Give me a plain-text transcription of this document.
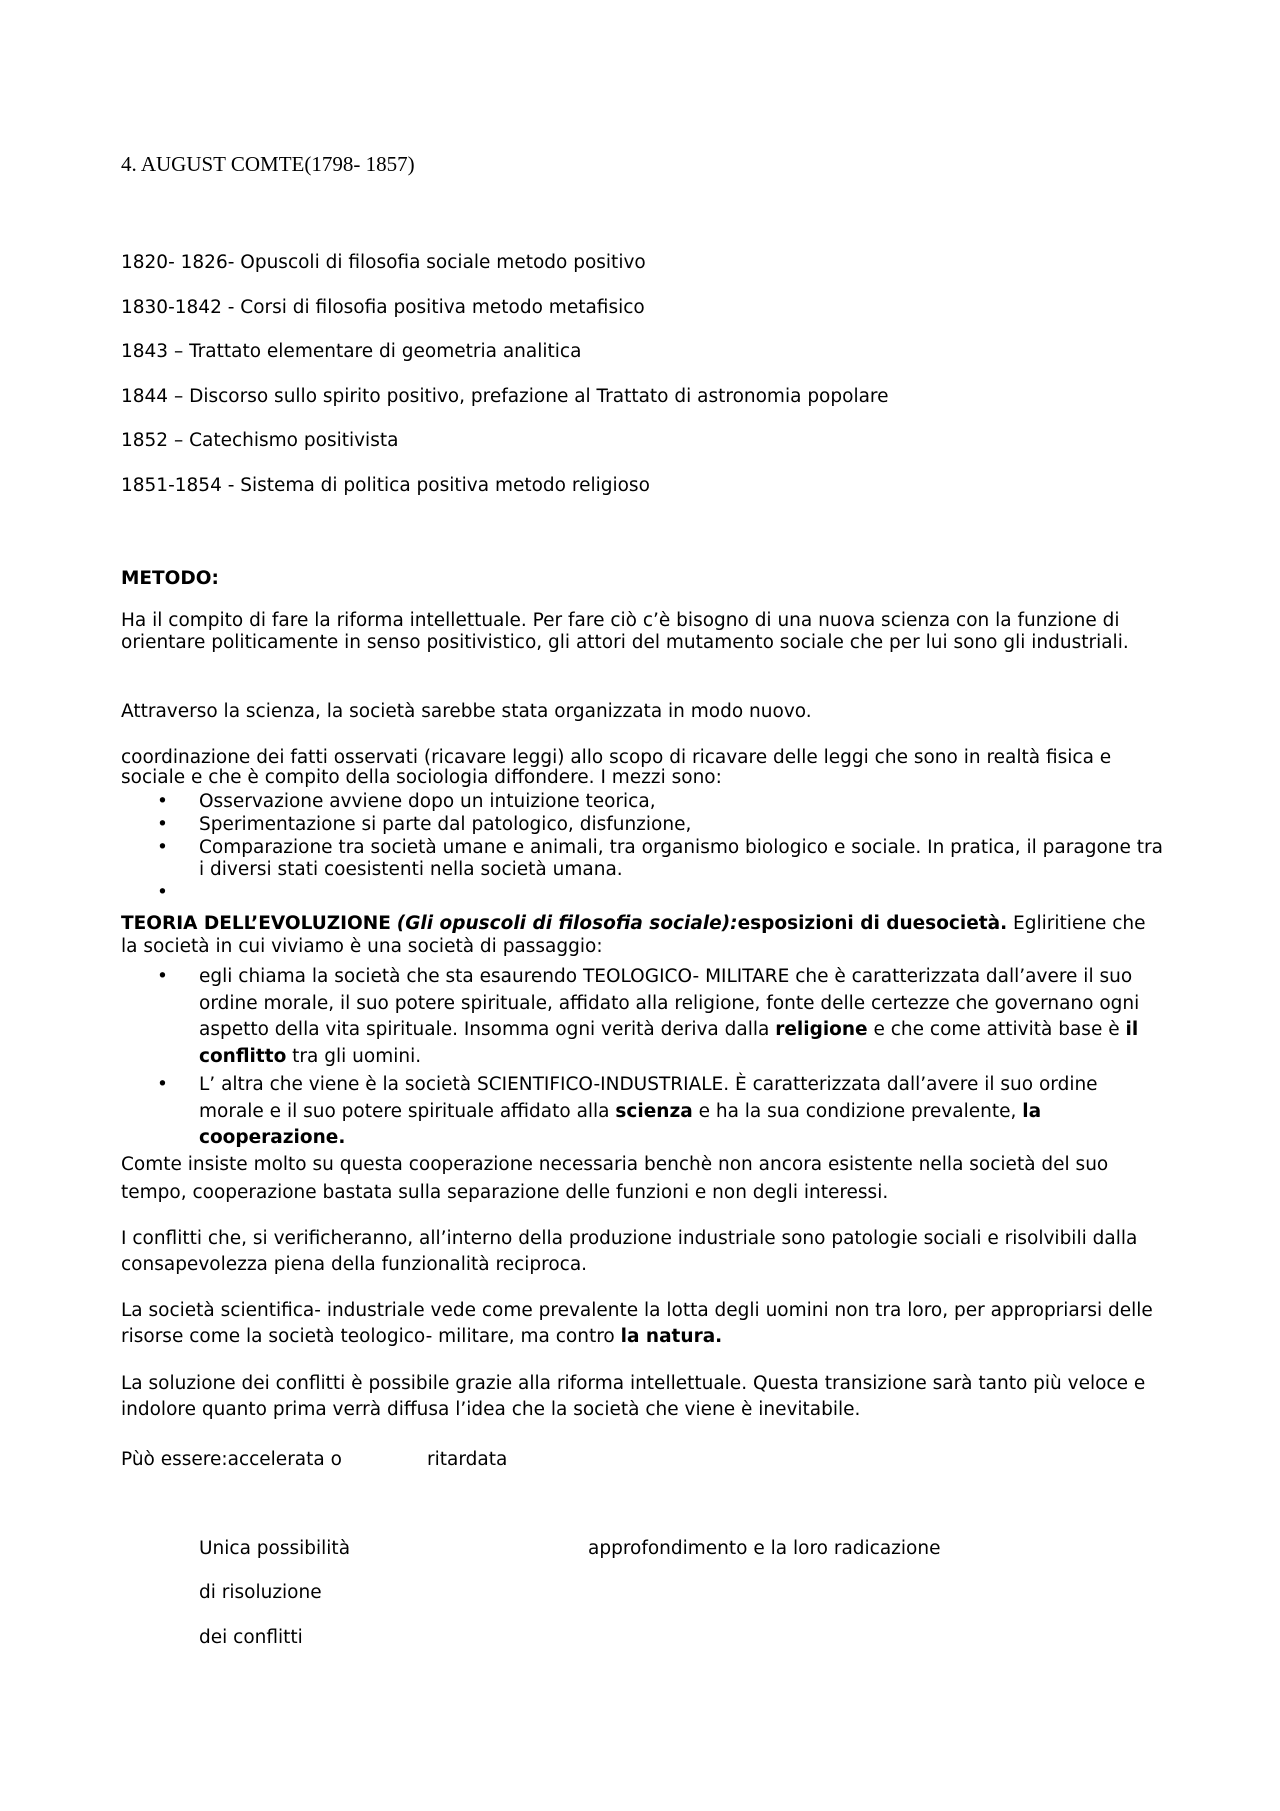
4. AUGUST COMTE(1798- 1857)
1820- 1826- Opuscoli di filosofia sociale metodo positivo
1830-1842 - Corsi di filosofia positiva metodo metafisico
1843 – Trattato elementare di geometria analitica
1844 – Discorso sullo spirito positivo, prefazione al Trattato di astronomia popolare
1852 – Catechismo positivista
1851-1854 - Sistema di politica positiva metodo religioso
METODO:
Ha il compito di fare la riforma intellettuale. Per fare ciò c’è bisogno di una nuova scienza con la funzione di orientare politicamente in senso positivistico, gli attori del mutamento sociale che per lui sono gli industriali.
Attraverso la scienza, la società sarebbe stata organizzata in modo nuovo.
coordinazione dei fatti osservati (ricavare leggi) allo scopo di ricavare delle leggi che sono in realtà fisica e sociale e che è compito della sociologia diffondere. I mezzi sono:
• Osservazione avviene dopo un intuizione teorica,
• Sperimentazione si parte dal patologico, disfunzione,
• Comparazione tra società umane e animali, tra organismo biologico e sociale. In pratica, il paragone tra i diversi stati coesistenti nella società umana.
•
TEORIA DELL’EVOLUZIONE (Gli opuscoli di filosofia sociale):esposizioni di duesocietà. Egliritiene che la società in cui viviamo è una società di passaggio:
• egli chiama la società che sta esaurendo TEOLOGICO- MILITARE che è caratterizzata dall’avere il suo ordine morale, il suo potere spirituale, affidato alla religione, fonte delle certezze che governano ogni aspetto della vita spirituale. Insomma ogni verità deriva dalla religione e che come attività base è il conflitto tra gli uomini.
• L’ altra che viene è la società SCIENTIFICO-INDUSTRIALE. È caratterizzata dall’avere il suo ordine morale e il suo potere spirituale affidato alla scienza e ha la sua condizione prevalente, la cooperazione.
Comte insiste molto su questa cooperazione necessaria benchè non ancora esistente nella società del suo tempo, cooperazione bastata sulla separazione delle funzioni e non degli interessi.
I conflitti che, si verificheranno, all’interno della produzione industriale sono patologie sociali e risolvibili dalla consapevolezza piena della funzionalità reciproca.
La società scientifica- industriale vede come prevalente la lotta degli uomini non tra loro, per appropriarsi delle risorse come la società teologico- militare, ma contro la natura.
La soluzione dei conflitti è possibile grazie alla riforma intellettuale. Questa transizione sarà tanto più veloce e indolore quanto prima verrà diffusa l’idea che la società che viene è inevitabile.
Pùò essere:accelerata o	ritardata
Unica possibilità
di risoluzione
dei conflitti
approfondimento e la loro radicazione
